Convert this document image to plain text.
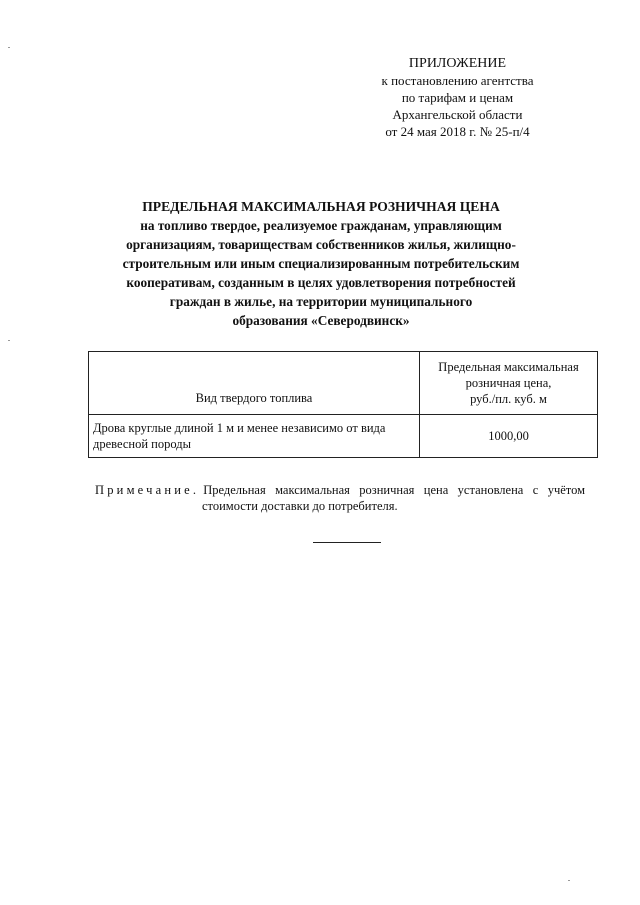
ПРИЛОЖЕНИЕ
к постановлению агентства
по тарифам и ценам
Архангельской области
от 24 мая 2018 г. № 25-п/4
ПРЕДЕЛЬНАЯ МАКСИМАЛЬНАЯ РОЗНИЧНАЯ ЦЕНА
на топливо твердое, реализуемое гражданам, управляющим
организациям, товариществам собственников жилья, жилищно-
строительным или иным специализированным потребительским
кооперативам, созданным в целях удовлетворения потребностей
граждан в жилье, на территории муниципального
образования «Северодвинск»
Вид твердого топлива	Предельная максимальная
розничная цена,
руб./пл. куб. м

Дрова круглые длиной 1 м и менее независимо от вида древесной породы	1000,00
Примечание. Предельная максимальная розничная цена установлена с учётом
стоимости доставки до потребителя.
